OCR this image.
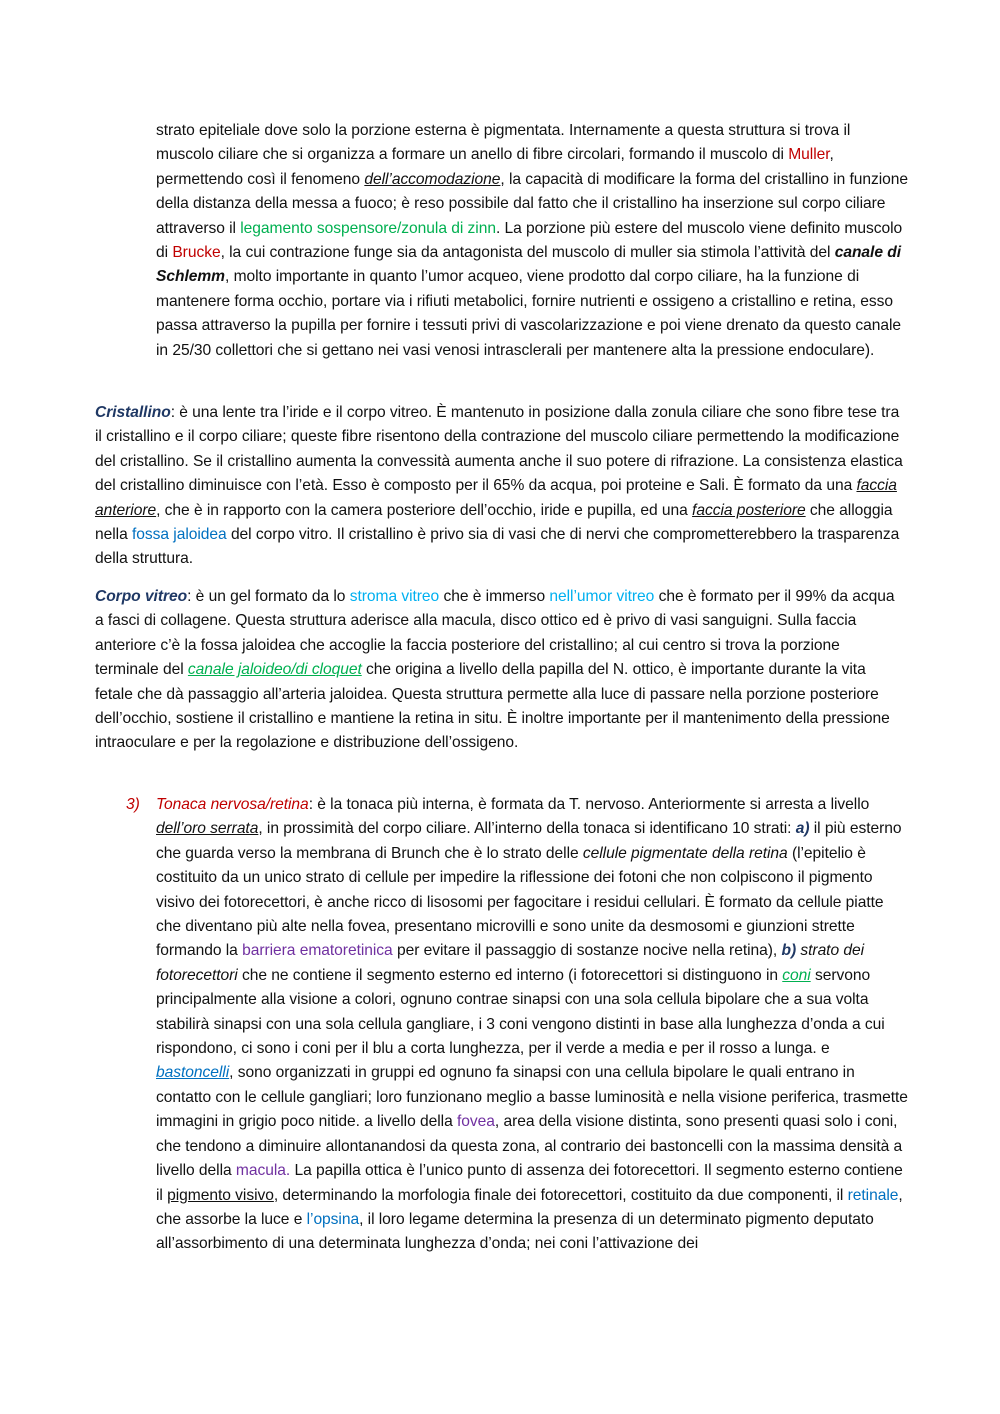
strato epiteliale dove solo la porzione esterna è pigmentata. Internamente a questa struttura si trova il muscolo ciliare che si organizza a formare un anello di fibre circolari, formando il muscolo di Muller, permettendo così il fenomeno dell’accomodazione, la capacità di modificare la forma del cristallino in funzione della distanza della messa a fuoco; è reso possibile dal fatto che il cristallino ha inserzione sul corpo ciliare attraverso il legamento sospensore/zonula di zinn. La porzione più estere del muscolo viene definito muscolo di Brucke, la cui contrazione funge sia da antagonista del muscolo di muller sia stimola l’attività del canale di Schlemm, molto importante in quanto l’umor acqueo, viene prodotto dal corpo ciliare, ha la funzione di mantenere forma occhio, portare via i rifiuti metabolici, fornire nutrienti e ossigeno a cristallino e retina, esso passa attraverso la pupilla per fornire i tessuti privi di vascolarizzazione e poi viene drenato da questo canale in 25/30 collettori che si gettano nei vasi venosi intrasclerali per mantenere alta la pressione endoculare).

Cristallino: è una lente tra l’iride e il corpo vitreo. È mantenuto in posizione dalla zonula ciliare che sono fibre tese tra il cristallino e il corpo ciliare; queste fibre risentono della contrazione del muscolo ciliare permettendo la modificazione del cristallino. Se il cristallino aumenta la convessità aumenta anche il suo potere di rifrazione. La consistenza elastica del cristallino diminuisce con l’età. Esso è composto per il 65% da acqua, poi proteine e Sali. È formato da una faccia anteriore, che è in rapporto con la camera posteriore dell’occhio, iride e pupilla, ed una faccia posteriore che alloggia nella fossa jaloidea del corpo vitro. Il cristallino è privo sia di vasi che di nervi che comprometterebbero la trasparenza della struttura.

Corpo vitreo: è un gel formato da lo stroma vitreo che è immerso nell’umor vitreo che è formato per il 99% da acqua a fasci di collagene. Questa struttura aderisce alla macula, disco ottico ed è privo di vasi sanguigni. Sulla faccia anteriore c’è la fossa jaloidea che accoglie la faccia posteriore del cristallino; al cui centro si trova la porzione terminale del canale jaloideo/di cloquet che origina a livello della papilla del N. ottico, è importante durante la vita fetale che dà passaggio all’arteria jaloidea. Questa struttura permette alla luce di passare nella porzione posteriore dell’occhio, sostiene il cristallino e mantiene la retina in situ. È inoltre importante per il mantenimento della pressione intraoculare e per la regolazione e distribuzione dell’ossigeno.

3) Tonaca nervosa/retina: è la tonaca più interna, è formata da T. nervoso. Anteriormente si arresta a livello dell’oro serrata, in prossimità del corpo ciliare. All’interno della tonaca si identificano 10 strati: a) il più esterno che guarda verso la membrana di Brunch che è lo strato delle cellule pigmentate della retina (l’epitelio è costituito da un unico strato di cellule per impedire la riflessione dei fotoni che non colpiscono il pigmento visivo dei fotorecettori, è anche ricco di lisosomi per fagocitare i residui cellulari. È formato da cellule piatte che diventano più alte nella fovea, presentano microvilli e sono unite da desmosomi e giunzioni strette formando la barriera ematoretinica per evitare il passaggio di sostanze nocive nella retina), b) strato dei fotorecettori che ne contiene il segmento esterno ed interno (i fotorecettori si distinguono in coni servono principalmente alla visione a colori, ognuno contrae sinapsi con una sola cellula bipolare che a sua volta stabilirà sinapsi con una sola cellula gangliare, i 3 coni vengono distinti in base alla lunghezza d’onda a cui rispondono, ci sono i coni per il blu a corta lunghezza, per il verde a media e per il rosso a lunga. e bastoncelli, sono organizzati in gruppi ed ognuno fa sinapsi con una cellula bipolare le quali entrano in contatto con le cellule gangliari; loro funzionano meglio a basse luminosità e nella visione periferica, trasmette immagini in grigio poco nitide. a livello della fovea, area della visione distinta, sono presenti quasi solo i coni, che tendono a diminuire allontanandosi da questa zona, al contrario dei bastoncelli con la massima densità a livello della macula. La papilla ottica è l’unico punto di assenza dei fotorecettori. Il segmento esterno contiene il pigmento visivo, determinando la morfologia finale dei fotorecettori, costituito da due componenti, il retinale, che assorbe la luce e l’opsina, il loro legame determina la presenza di un determinato pigmento deputato all’assorbimento di una determinata lunghezza d’onda; nei coni l’attivazione dei
